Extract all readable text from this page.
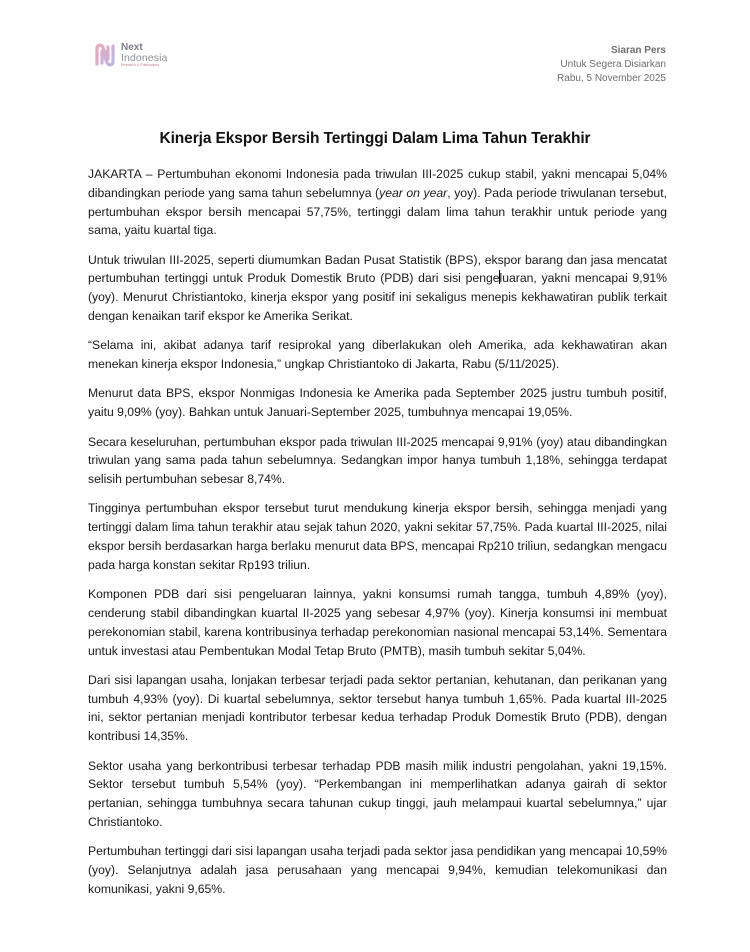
Next
Indonesia
Research & Publications
Siaran Pers
Untuk Segera Disiarkan
Rabu, 5 November 2025
Kinerja Ekspor Bersih Tertinggi Dalam Lima Tahun Terakhir

JAKARTA – Pertumbuhan ekonomi Indonesia pada triwulan III-2025 cukup stabil, yakni mencapai 5,04% dibandingkan periode yang sama tahun sebelumnya (year on year, yoy). Pada periode triwulanan tersebut, pertumbuhan ekspor bersih mencapai 57,75%, tertinggi dalam lima tahun terakhir untuk periode yang sama, yaitu kuartal tiga.

Untuk triwulan III-2025, seperti diumumkan Badan Pusat Statistik (BPS), ekspor barang dan jasa mencatat pertumbuhan tertinggi untuk Produk Domestik Bruto (PDB) dari sisi pengeluaran, yakni mencapai 9,91% (yoy). Menurut Christiantoko, kinerja ekspor yang positif ini sekaligus menepis kekhawatiran publik terkait dengan kenaikan tarif ekspor ke Amerika Serikat.

“Selama ini, akibat adanya tarif resiprokal yang diberlakukan oleh Amerika, ada kekhawatiran akan menekan kinerja ekspor Indonesia,” ungkap Christiantoko di Jakarta, Rabu (5/11/2025).

Menurut data BPS, ekspor Nonmigas Indonesia ke Amerika pada September 2025 justru tumbuh positif, yaitu 9,09% (yoy). Bahkan untuk Januari-September 2025, tumbuhnya mencapai 19,05%.

Secara keseluruhan, pertumbuhan ekspor pada triwulan III-2025 mencapai 9,91% (yoy) atau dibandingkan triwulan yang sama pada tahun sebelumnya. Sedangkan impor hanya tumbuh 1,18%, sehingga terdapat selisih pertumbuhan sebesar 8,74%.

Tingginya pertumbuhan ekspor tersebut turut mendukung kinerja ekspor bersih, sehingga menjadi yang tertinggi dalam lima tahun terakhir atau sejak tahun 2020, yakni sekitar 57,75%. Pada kuartal III-2025, nilai ekspor bersih berdasarkan harga berlaku menurut data BPS, mencapai Rp210 triliun, sedangkan mengacu pada harga konstan sekitar Rp193 triliun.

Komponen PDB dari sisi pengeluaran lainnya, yakni konsumsi rumah tangga, tumbuh 4,89% (yoy), cenderung stabil dibandingkan kuartal II-2025 yang sebesar 4,97% (yoy). Kinerja konsumsi ini membuat perekonomian stabil, karena kontribusinya terhadap perekonomian nasional mencapai 53,14%. Sementara untuk investasi atau Pembentukan Modal Tetap Bruto (PMTB), masih tumbuh sekitar 5,04%.

Dari sisi lapangan usaha, lonjakan terbesar terjadi pada sektor pertanian, kehutanan, dan perikanan yang tumbuh 4,93% (yoy). Di kuartal sebelumnya, sektor tersebut hanya tumbuh 1,65%. Pada kuartal III-2025 ini, sektor pertanian menjadi kontributor terbesar kedua terhadap Produk Domestik Bruto (PDB), dengan kontribusi 14,35%.

Sektor usaha yang berkontribusi terbesar terhadap PDB masih milik industri pengolahan, yakni 19,15%. Sektor tersebut tumbuh 5,54% (yoy). “Perkembangan ini memperlihatkan adanya gairah di sektor pertanian, sehingga tumbuhnya secara tahunan cukup tinggi, jauh melampaui kuartal sebelumnya,” ujar Christiantoko.

Pertumbuhan tertinggi dari sisi lapangan usaha terjadi pada sektor jasa pendidikan yang mencapai 10,59% (yoy). Selanjutnya adalah jasa perusahaan yang mencapai 9,94%, kemudian telekomunikasi dan komunikasi, yakni 9,65%.
